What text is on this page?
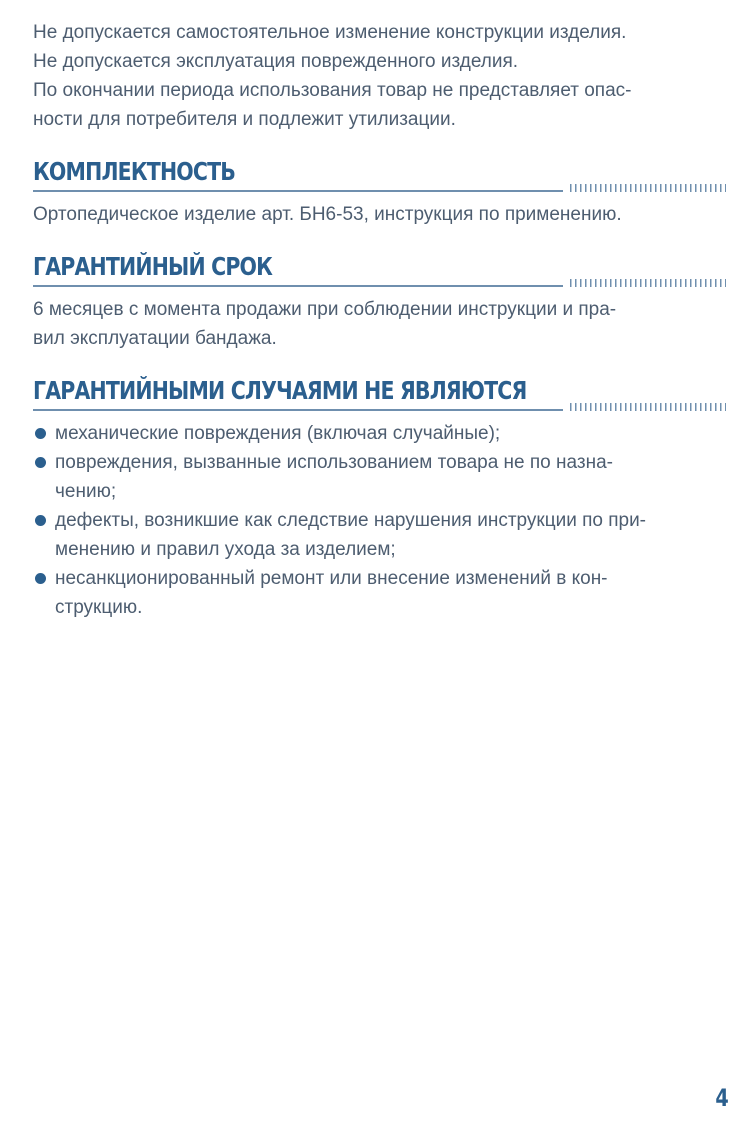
Не допускается самостоятельное изменение конструкции изделия.
Не допускается эксплуатация поврежденного изделия.
По окончании периода использования товар не представляет опас-
ности для потребителя и подлежит утилизации.
КОМПЛЕКТНОСТЬ
Ортопедическое изделие арт. БН6-53, инструкция по применению.
ГАРАНТИЙНЫЙ СРОК
6 месяцев с момента продажи при соблюдении инструкции и пра-
вил эксплуатации бандажа.
ГАРАНТИЙНЫМИ СЛУЧАЯМИ НЕ ЯВЛЯЮТСЯ
механические повреждения (включая случайные);
повреждения, вызванные использованием товара не по назна-
чению;
дефекты, возникшие как следствие нарушения инструкции по при-
менению и правил ухода за изделием;
несанкционированный ремонт или внесение изменений в кон-
струкцию.
4
